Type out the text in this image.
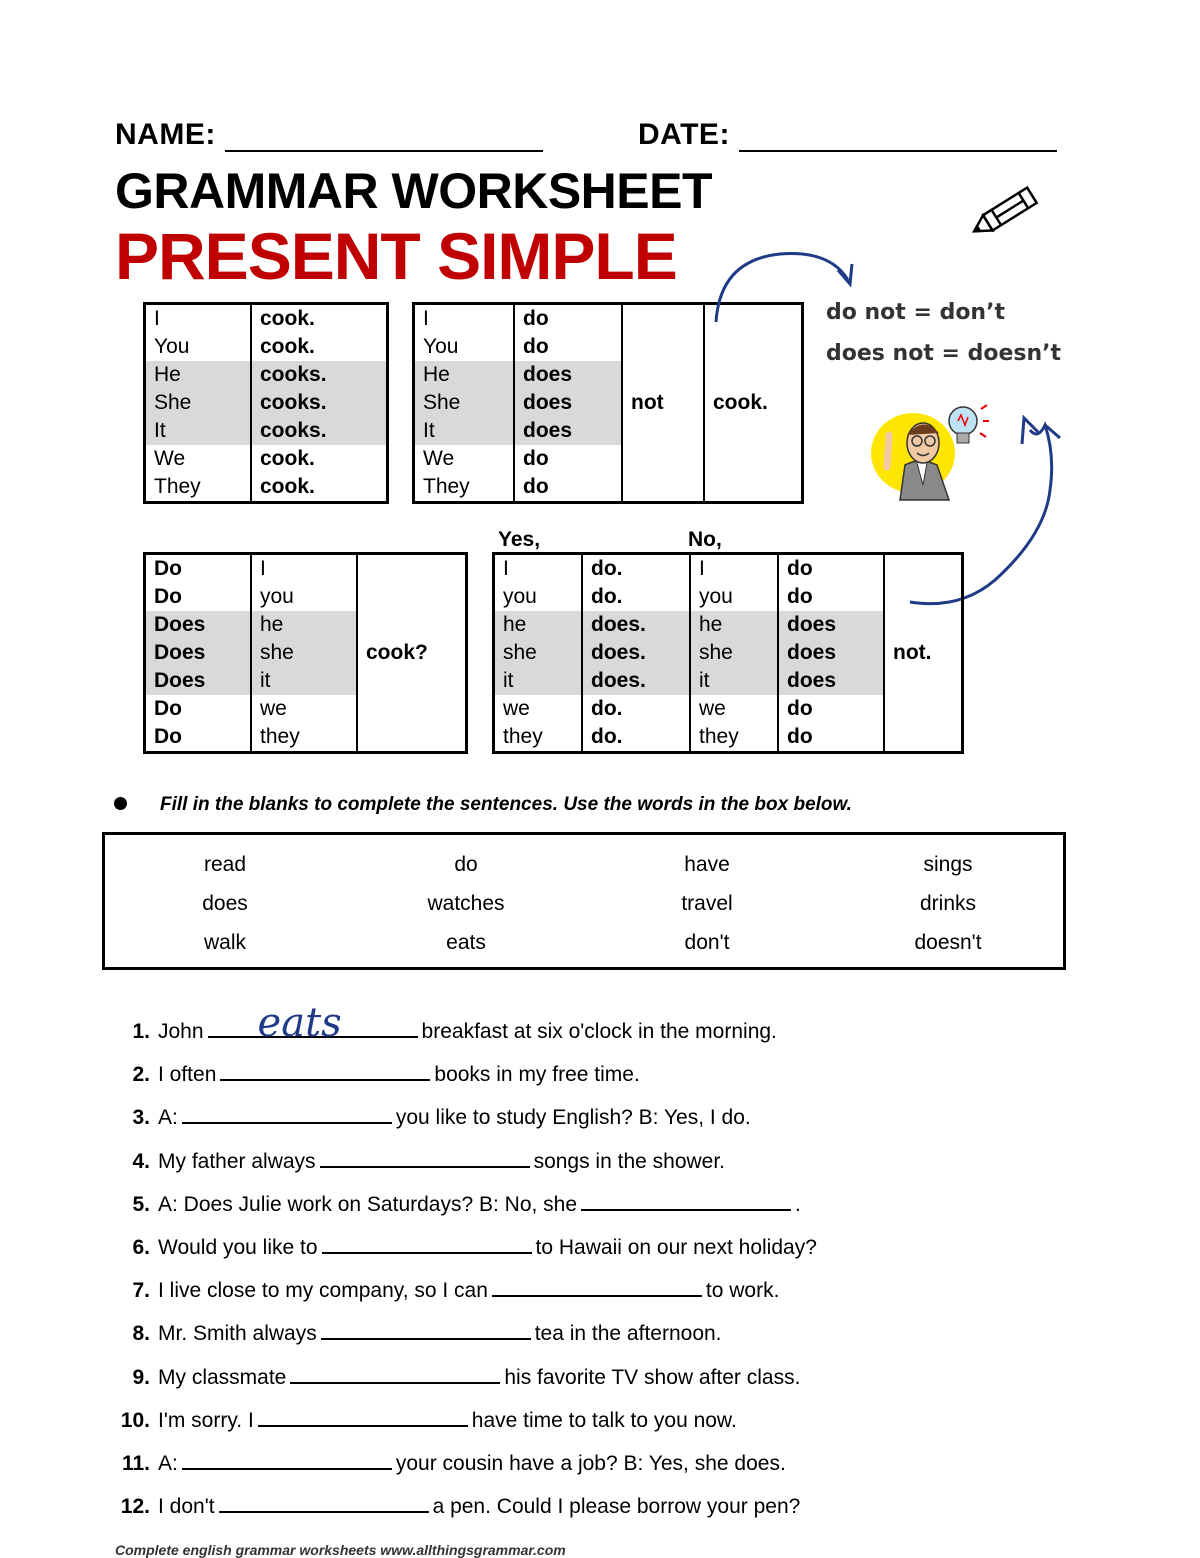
NAME:	DATE:
GRAMMAR WORKSHEET
PRESENT SIMPLE
I	cook.
You	cook.
He	cooks.
She	cooks.
It	cooks.
We	cook.
They	cook.
I	do	not	cook.
You	do		
He	does		
She	does		
It	does		
We	do		
They	do		
do not = don’t
does not = doesn’t
Yes,	No,
Do	I	cook?
Do	you	
Does	he	
Does	she	
Does	it	
Do	we	
Do	they	
I	do.	I	do	not.
you	do.	you	do	
he	does.	he	does	
she	does.	she	does	
it	does.	it	does	
we	do.	we	do	
they	do.	they	do	
Fill in the blanks to complete the sentences. Use the words in the box below.
read	do	have	sings
does	watches	travel	drinks
walk	eats	don't	doesn't
1. John eats	breakfast at six o'clock in the morning.
2. I often	books in my free time.
3. A:	you like to study English? B: Yes, I do.
4. My father always	songs in the shower.
5. A: Does Julie work on Saturdays? B: No, she	.
6. Would you like to	to Hawaii on our next holiday?
7. I live close to my company, so I can	to work.
8. Mr. Smith always	tea in the afternoon.
9. My classmate	his favorite TV show after class.
10. I'm sorry. I	have time to talk to you now.
11. A:	your cousin have a job? B: Yes, she does.
12. I don't	a pen. Could I please borrow your pen?
Complete english grammar worksheets www.allthingsgrammar.com
